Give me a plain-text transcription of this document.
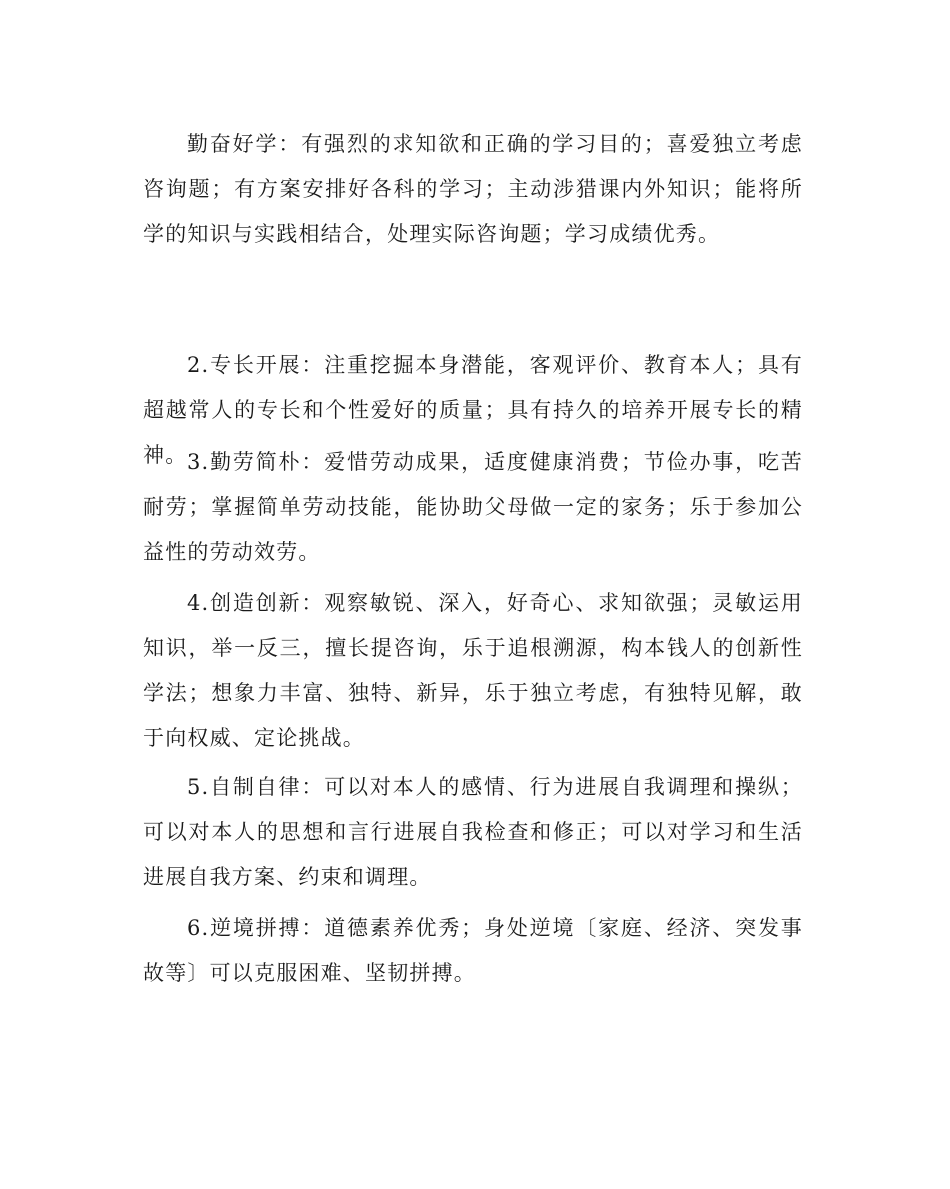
勤奋好学：有强烈的求知欲和正确的学习目的；喜爱独立考虑咨询题；有方案安排好各科的学习；主动涉猎课内外知识；能将所学的知识与实践相结合，处理实际咨询题；学习成绩优秀。

2.专长开展：注重挖掘本身潜能，客观评价、教育本人；具有超越常人的专长和个性爱好的质量；具有持久的培养开展专长的精神。 3.勤劳简朴：爱惜劳动成果，适度健康消费；节俭办事，吃苦耐劳；掌握简单劳动技能，能协助父母做一定的家务；乐于参加公益性的劳动效劳。

4.创造创新：观察敏锐、深入，好奇心、求知欲强；灵敏运用知识，举一反三，擅长提咨询，乐于追根溯源，构本钱人的创新性学法；想象力丰富、独特、新异，乐于独立考虑，有独特见解，敢于向权威、定论挑战。

5.自制自律：可以对本人的感情、行为进展自我调理和操纵；可以对本人的思想和言行进展自我检查和修正；可以对学习和生活进展自我方案、约束和调理。

6.逆境拼搏：道德素养优秀；身处逆境〔家庭、经济、突发事故等〕可以克服困难、坚韧拼搏。
